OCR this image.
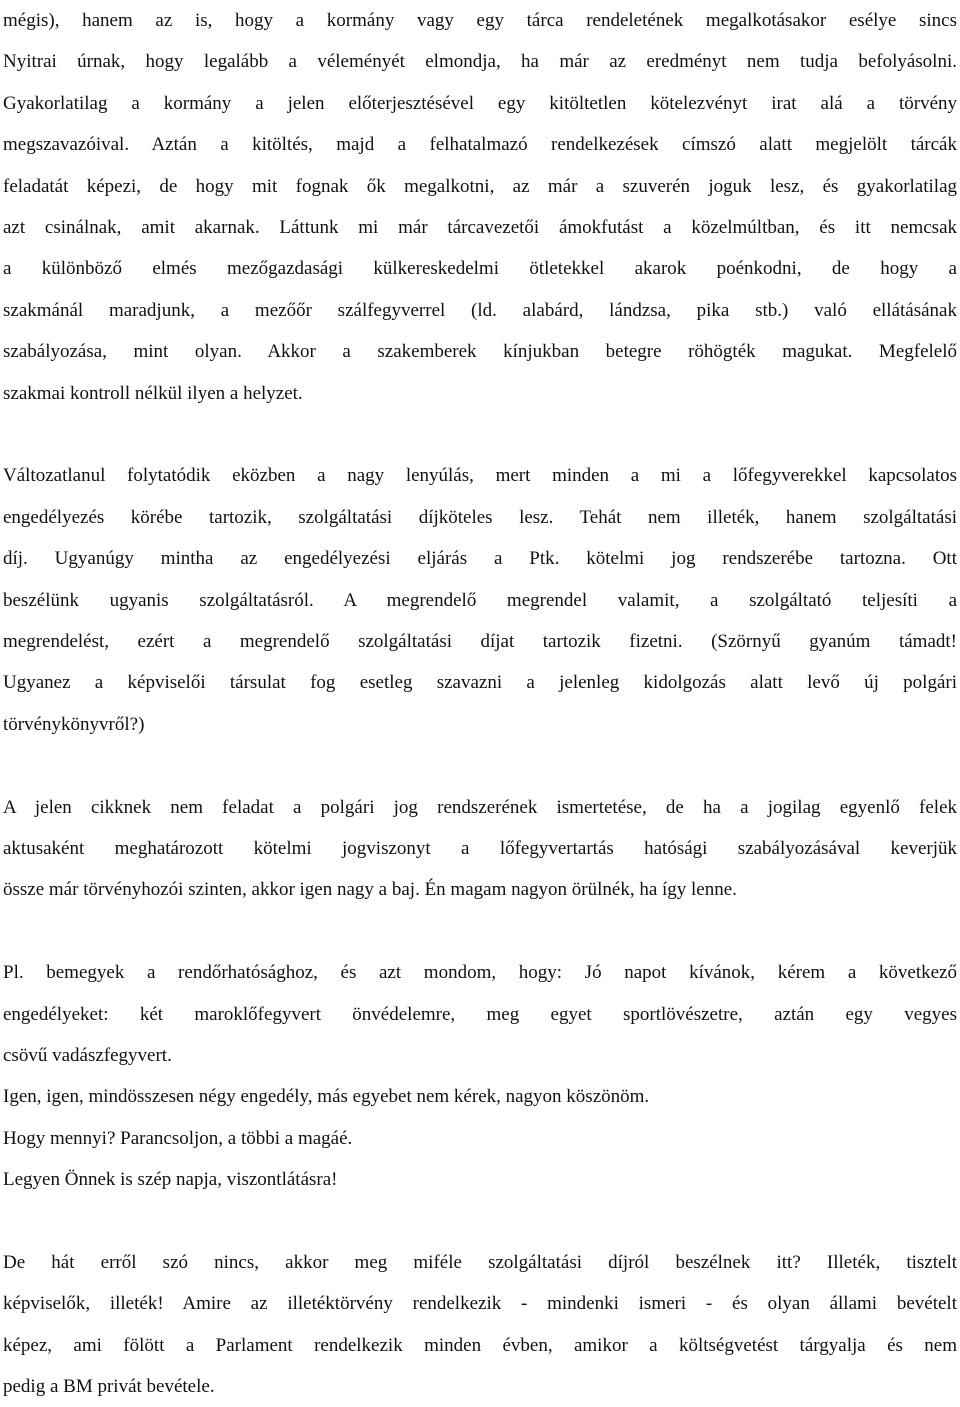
mégis), hanem az is, hogy a kormány vagy egy tárca rendeletének megalkotásakor esélye sincs
Nyitrai úrnak, hogy legalább a véleményét elmondja, ha már az eredményt nem tudja befolyásolni.
Gyakorlatilag a kormány a jelen előterjesztésével egy kitöltetlen kötelezvényt irat alá a törvény
megszavazóival. Aztán a kitöltés, majd a felhatalmazó rendelkezések címszó alatt megjelölt tárcák
feladatát képezi, de hogy mit fognak ők megalkotni, az már a szuverén joguk lesz, és gyakorlatilag
azt csinálnak, amit akarnak. Láttunk mi már tárcavezetői ámokfutást a közelmúltban, és itt nemcsak
a különböző elmés mezőgazdasági külkereskedelmi ötletekkel akarok poénkodni, de hogy a
szakmánál maradjunk, a mezőőr szálfegyverrel (ld. alabárd, lándzsa, pika stb.) való ellátásának
szabályozása, mint olyan. Akkor a szakemberek kínjukban betegre röhögték magukat. Megfelelő
szakmai kontroll nélkül ilyen a helyzet.
Változatlanul folytatódik eközben a nagy lenyúlás, mert minden a mi a lőfegyverekkel kapcsolatos
engedélyezés körébe tartozik, szolgáltatási díjköteles lesz. Tehát nem illeték, hanem szolgáltatási
díj. Ugyanúgy mintha az engedélyezési eljárás a Ptk. kötelmi jog rendszerébe tartozna. Ott
beszélünk ugyanis szolgáltatásról. A megrendelő megrendel valamit, a szolgáltató teljesíti a
megrendelést, ezért a megrendelő szolgáltatási díjat tartozik fizetni. (Szörnyű gyanúm támadt!
Ugyanez a képviselői társulat fog esetleg szavazni a jelenleg kidolgozás alatt levő új polgári
törvénykönyvről?)
A jelen cikknek nem feladat a polgári jog rendszerének ismertetése, de ha a jogilag egyenlő felek
aktusaként meghatározott kötelmi jogviszonyt a lőfegyvertartás hatósági szabályozásával keverjük
össze már törvényhozói szinten, akkor igen nagy a baj. Én magam nagyon örülnék, ha így lenne.
Pl. bemegyek a rendőrhatósághoz, és azt mondom, hogy: Jó napot kívánok, kérem a következő
engedélyeket: két maroklőfegyvert önvédelemre, meg egyet sportlövészetre, aztán egy vegyes
csövű vadászfegyvert.
Igen, igen, mindösszesen négy engedély, más egyebet nem kérek, nagyon köszönöm.
Hogy mennyi? Parancsoljon, a többi a magáé.
Legyen Önnek is szép napja, viszontlátásra!
De hát erről szó nincs, akkor meg miféle szolgáltatási díjról beszélnek itt? Illeték, tisztelt
képviselők, illeték! Amire az illetéktörvény rendelkezik - mindenki ismeri - és olyan állami bevételt
képez, ami fölött a Parlament rendelkezik minden évben, amikor a költségvetést tárgyalja és nem
pedig a BM privát bevétele.
